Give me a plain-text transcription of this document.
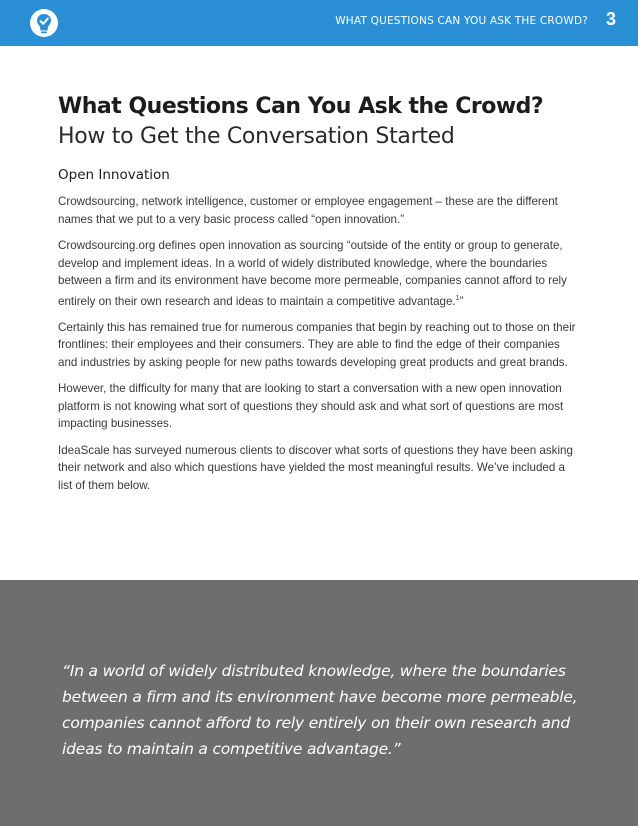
WHAT QUESTIONS CAN YOU ASK THE CROWD? 3
What Questions Can You Ask the Crowd?
How to Get the Conversation Started
Open Innovation

Crowdsourcing, network intelligence, customer or employee engagement – these are the different names that we put to a very basic process called “open innovation.”

Crowdsourcing.org defines open innovation as sourcing “outside of the entity or group to generate, develop and implement ideas. In a world of widely distributed knowledge, where the boundaries between a firm and its environment have become more permeable, companies cannot afford to rely entirely on their own research and ideas to maintain a competitive advantage.$^1$”

Certainly this has remained true for numerous companies that begin by reaching out to those on their frontlines: their employees and their consumers. They are able to find the edge of their companies and industries by asking people for new paths towards developing great products and great brands.

However, the difficulty for many that are looking to start a conversation with a new open innovation platform is not knowing what sort of questions they should ask and what sort of questions are most impacting businesses.

IdeaScale has surveyed numerous clients to discover what sorts of questions they have been asking their network and also which questions have yielded the most meaningful results. We’ve included a list of them below.

“In a world of widely distributed knowledge, where the boundaries between a firm and its environment have become more permeable, companies cannot afford to rely entirely on their own research and ideas to maintain a competitive advantage.”
